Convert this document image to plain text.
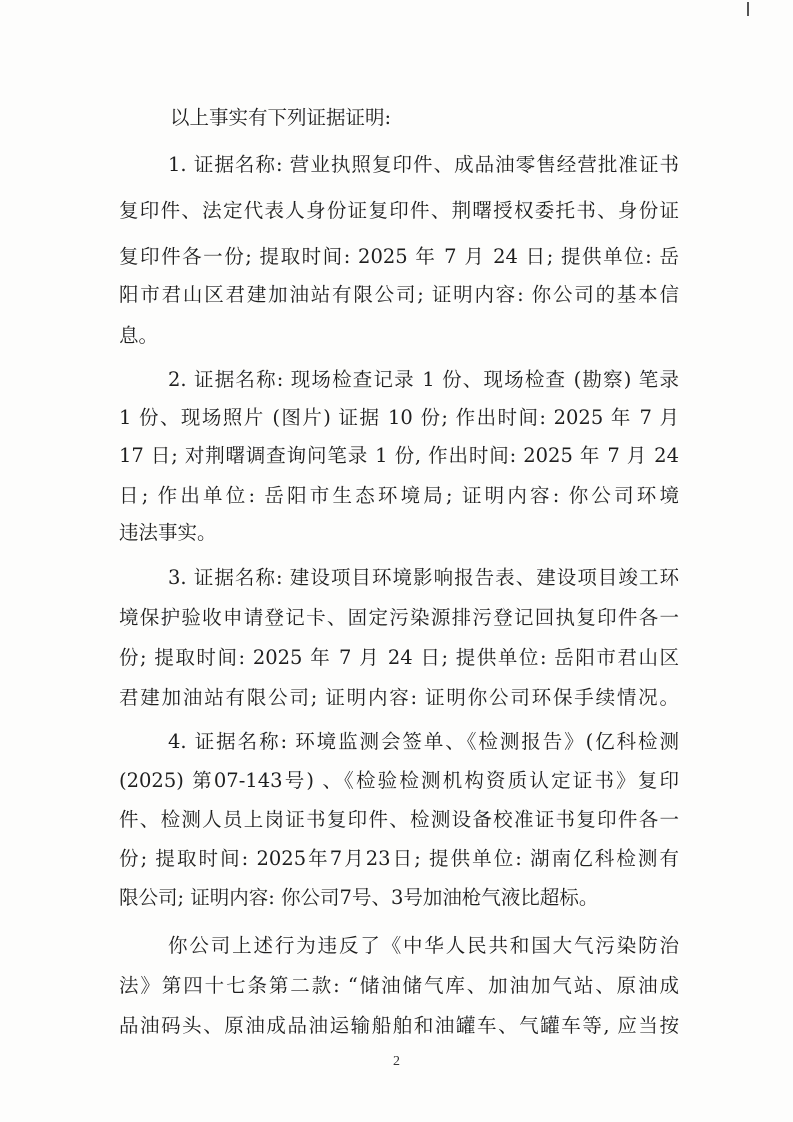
以上事实有下列证据证明:
1. 证据名称: 营业执照复印件、成品油零售经营批准证书
复印件、法定代表人身份证复印件、荆曙授权委托书、身份证
复印件各一份; 提取时间: 2025 年 7 月 24 日; 提供单位: 岳
阳市君山区君建加油站有限公司; 证明内容: 你公司的基本信
息。
2. 证据名称: 现场检查记录 1 份、现场检查 (勘察) 笔录
1 份、现场照片 (图片) 证据 10 份; 作出时间: 2025 年 7 月
17 日; 对荆曙调查询问笔录 1 份, 作出时间: 2025 年 7 月 24
日; 作出单位: 岳阳市生态环境局; 证明内容: 你公司环境
违法事实。
3. 证据名称: 建设项目环境影响报告表、建设项目竣工环
境保护验收申请登记卡、固定污染源排污登记回执复印件各一
份; 提取时间: 2025 年 7 月 24 日; 提供单位: 岳阳市君山区
君建加油站有限公司; 证明内容: 证明你公司环保手续情况。
4. 证据名称: 环境监测会签单、《检测报告》(亿科检测
(2025) 第07-143号) 、《检验检测机构资质认定证书》复印
件、检测人员上岗证书复印件、检测设备校准证书复印件各一
份; 提取时间: 2025年7月23日; 提供单位: 湖南亿科检测有
限公司; 证明内容: 你公司7号、3号加油枪气液比超标。
你公司上述行为违反了《中华人民共和国大气污染防治
法》第四十七条第二款: “储油储气库、加油加气站、原油成
品油码头、原油成品油运输船舶和油罐车、气罐车等, 应当按
2
